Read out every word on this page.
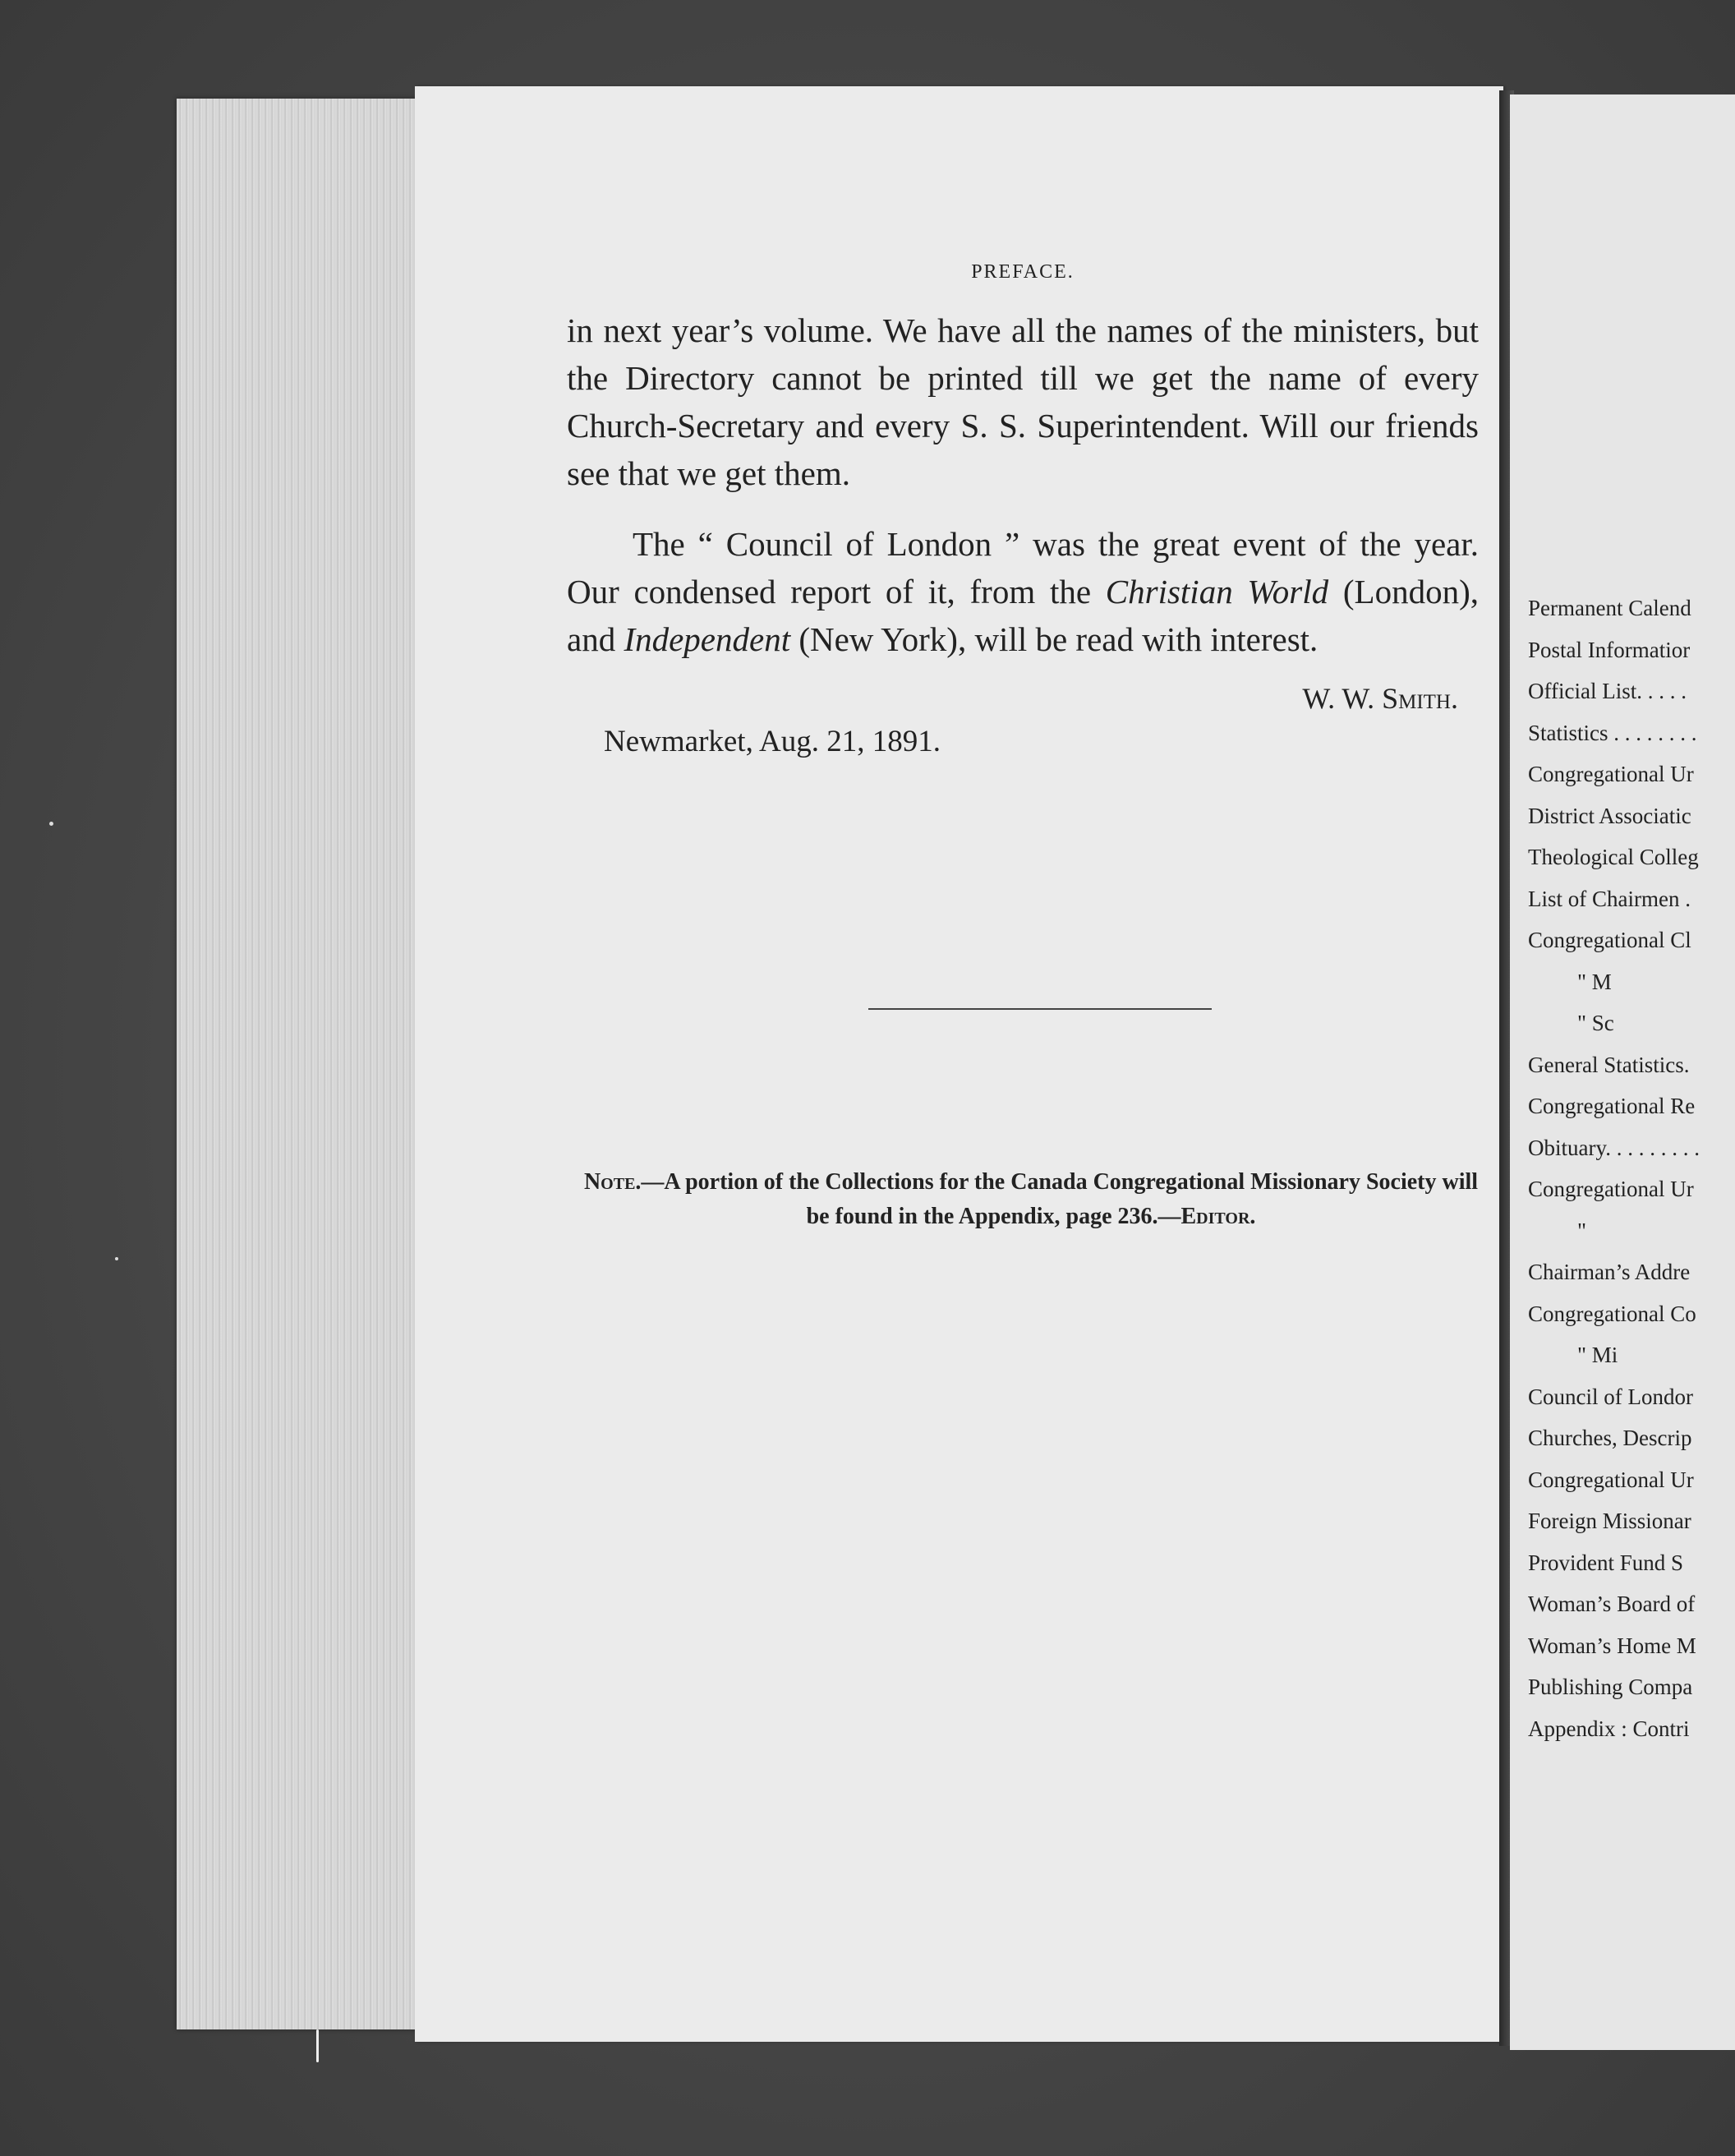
PREFACE.

in next year’s volume. We have all the names of the ministers, but the Directory cannot be printed till we get the name of every Church-Secretary and every S. S. Superintendent. Will our friends see that we get them.

The “ Council of London ” was the great event of the year. Our condensed report of it, from the Christian World (London), and Independent (New York), will be read with interest.

W. W. Smith.
Newmarket, Aug. 21, 1891.
Note.—A portion of the Collections for the Canada Congregational Missionary Society will be found in the Appendix, page 236.—Editor.
Permanent Calend
Postal Informatior
Official List. . . . .
Statistics . . . . . . . .
Congregational Ur
District Associatic
Theological Colleg
List of Chairmen .
Congregational Cl
" M
" Sc
General Statistics.
Congregational Re
Obituary. . . . . . . . .
Congregational Ur
"
Chairman’s Addre
Congregational Co
" Mi
Council of Londor
Churches, Descrip
Congregational Ur
Foreign Missionar
Provident Fund S
Woman’s Board of
Woman’s Home M
Publishing Compa
Appendix : Contri
